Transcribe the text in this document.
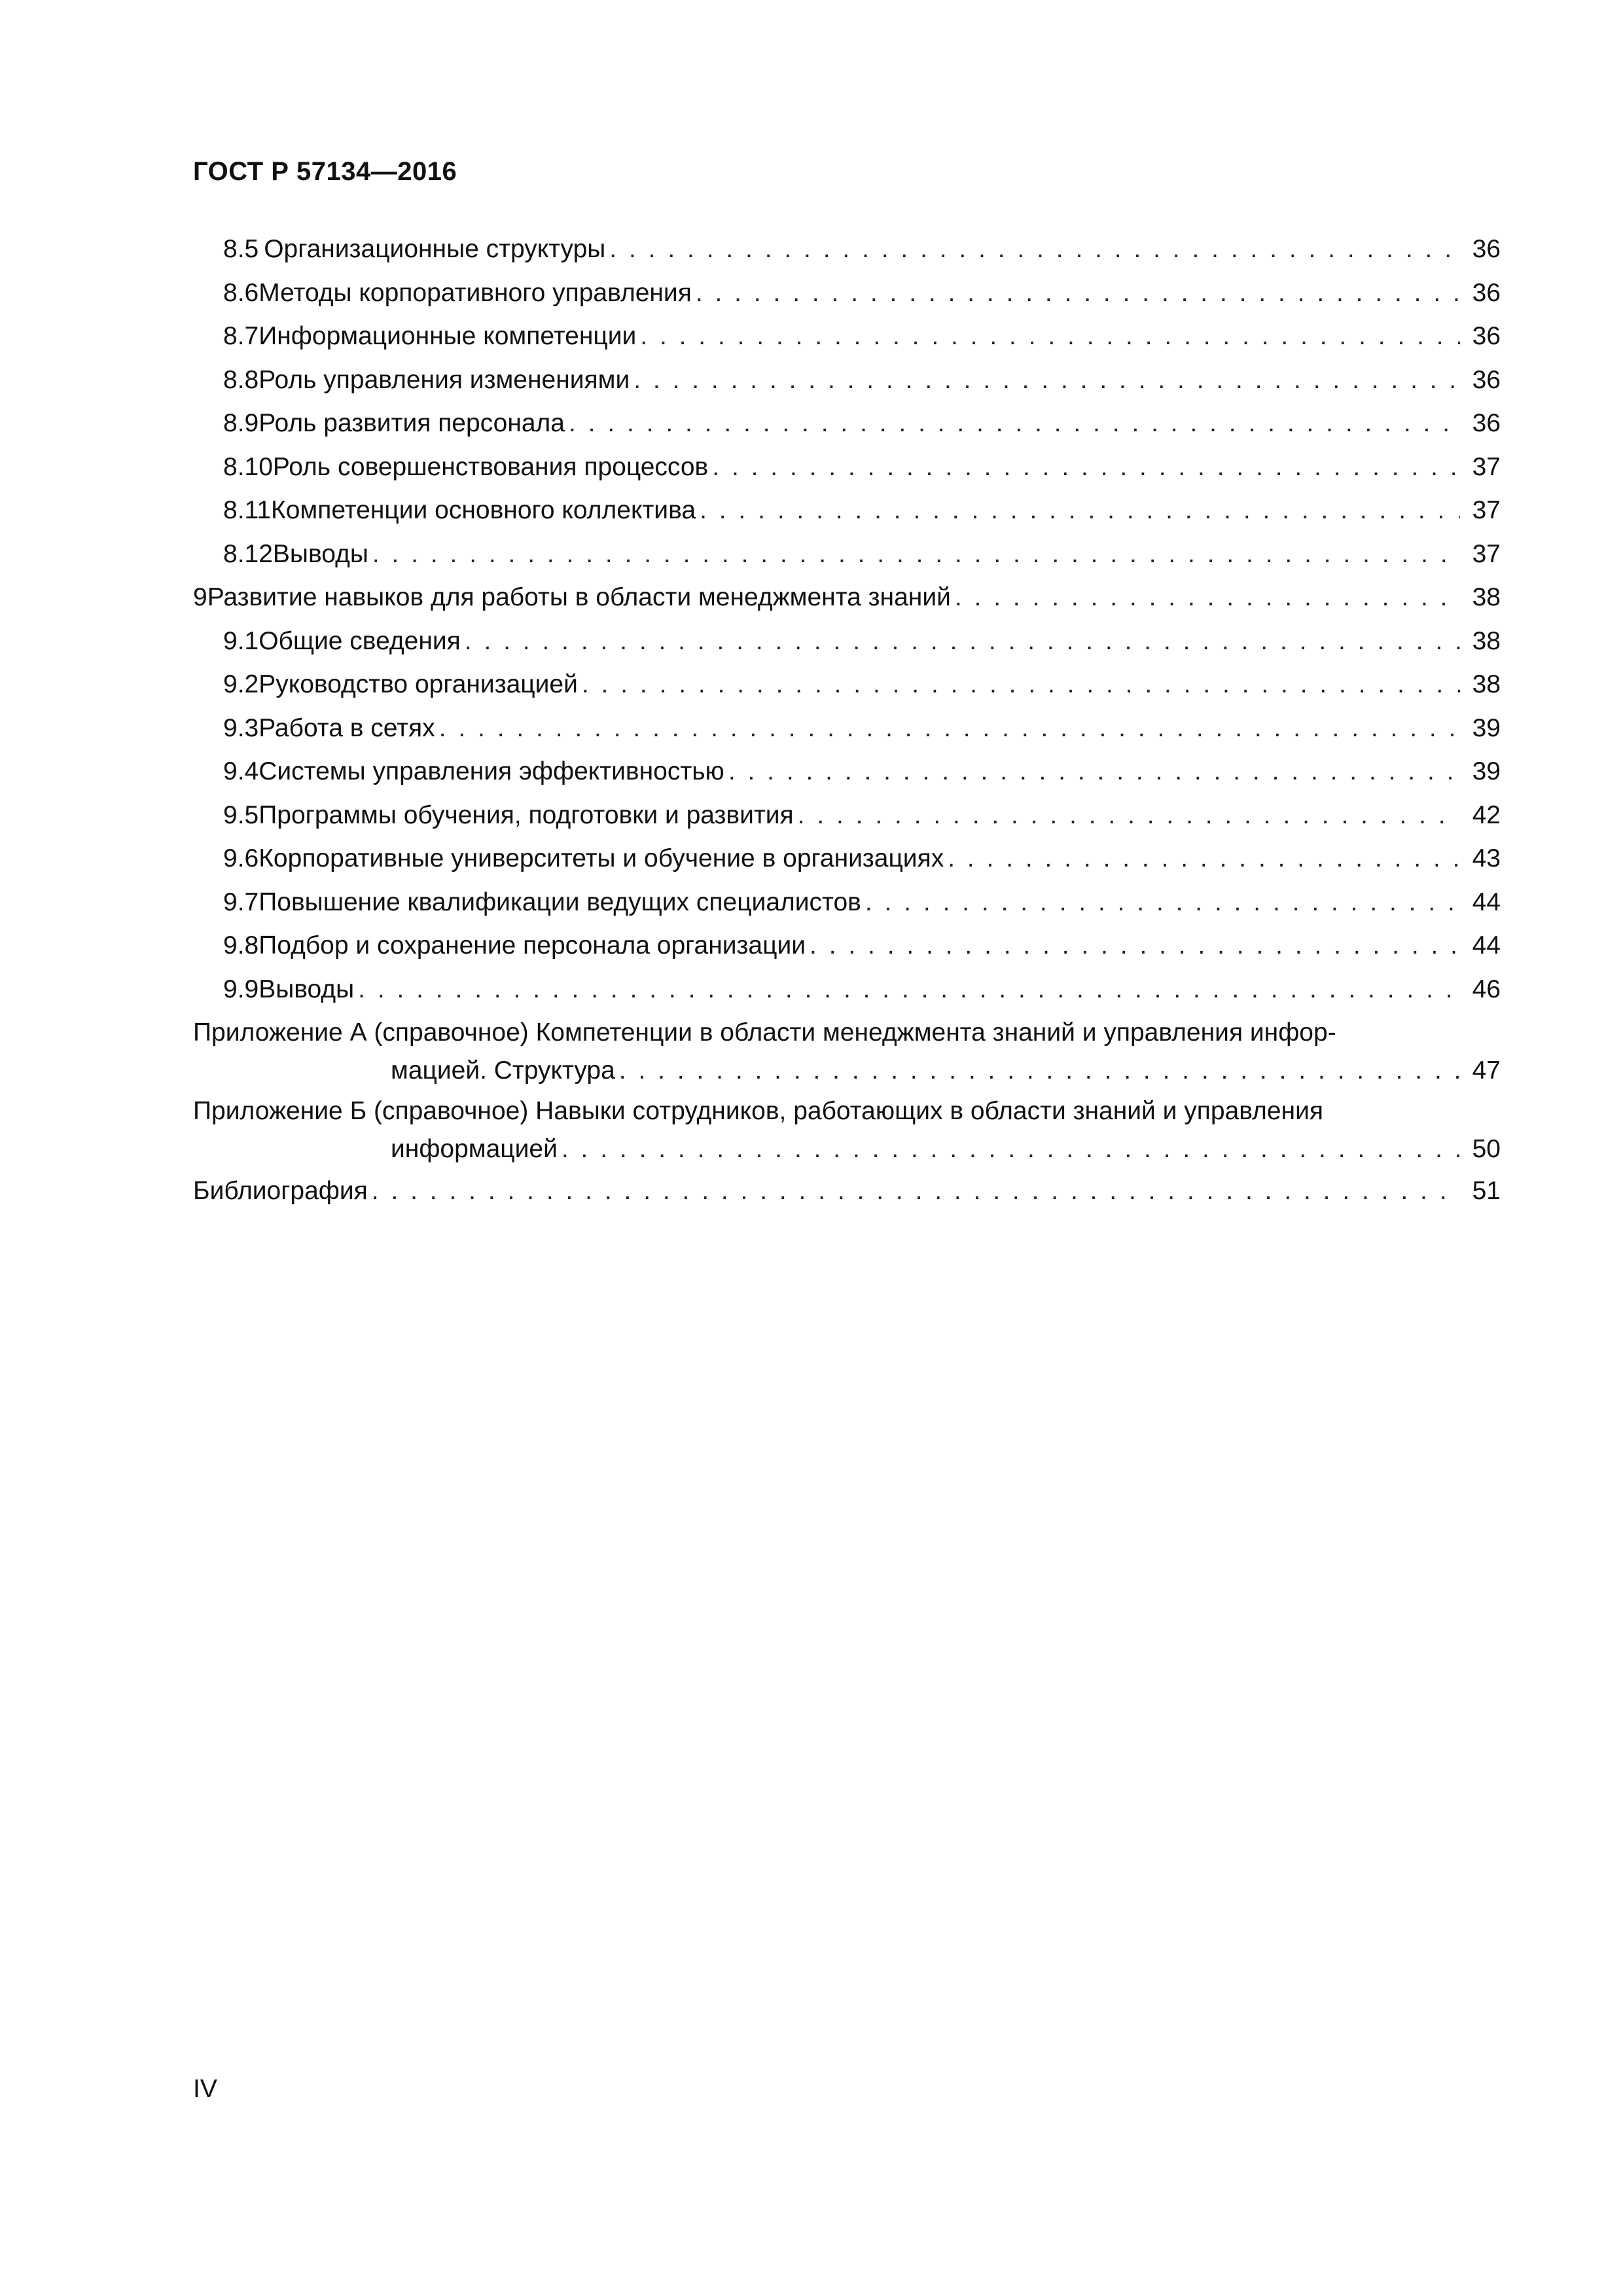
ГОСТ Р 57134—2016
8.5 Организационные структуры . . .	36
8.6 Методы корпоративного управления . . .	36
8.7 Информационные компетенции . . .	36
8.8 Роль управления изменениями . . .	36
8.9 Роль развития персонала . . .	36
8.10 Роль совершенствования процессов . . .	37
8.11 Компетенции основного коллектива . . .	37
8.12 Выводы . . .	37
9 Развитие навыков для работы в области менеджмента знаний . . .	38
9.1 Общие сведения . . .	38
9.2 Руководство организацией . . .	38
9.3 Работа в сетях . . .	39
9.4 Системы управления эффективностью . . .	39
9.5 Программы обучения, подготовки и развития . . .	42
9.6 Корпоративные университеты и обучение в организациях . . .	43
9.7 Повышение квалификации ведущих специалистов . . .	44
9.8 Подбор и сохранение персонала организации . . .	44
9.9 Выводы . . .	46
Приложение А (справочное) Компетенции в области менеджмента знаний и управления инфор-
мацией. Структура . . .	47
Приложение Б (справочное) Навыки сотрудников, работающих в области знаний и управления
информацией . . .	50
Библиография . . .	51
IV
